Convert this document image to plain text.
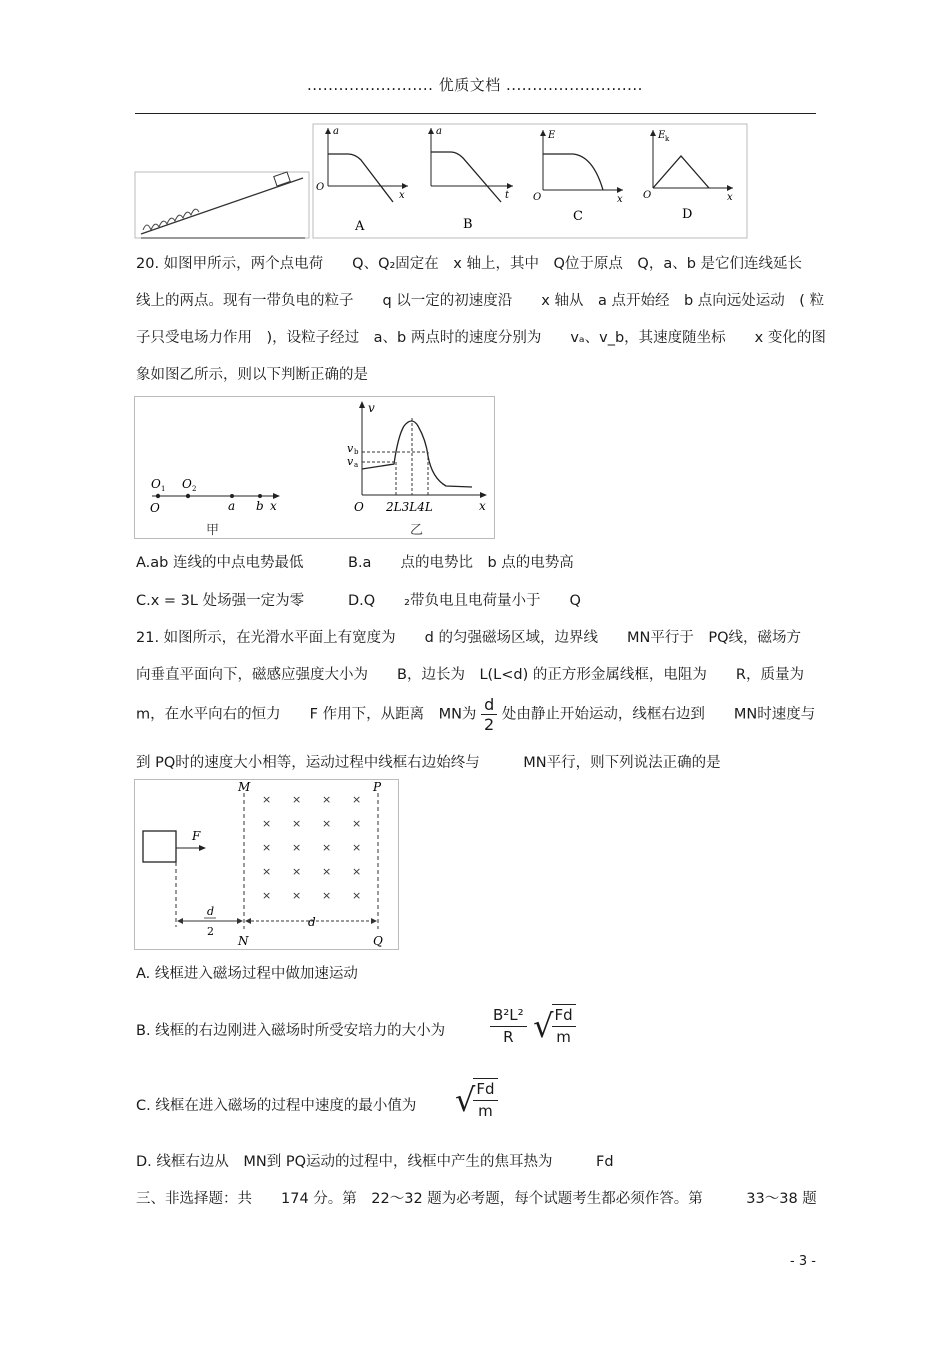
........................ 优质文档 ..........................
a
x
O
A
a
t
B
E
x
O
C
E k
x
O
D
20. 如图甲所示，两个点电荷　　Q、Q₂固定在　x 轴上，其中　Q位于原点　Q，a、b 是它们连线延长
线上的两点。现有一带负电的粒子　　q 以一定的初速度沿　　x 轴从　a 点开始经　b 点向远处运动　( 粒
子只受电场力作用　)，设粒子经过　a、b 两点时的速度分别为　　vₐ、v_b，其速度随坐标　　x 变化的图
象如图乙所示，则以下判断正确的是
O 1 O 2
O	a b x
甲
v
v b
v a
O 2L3L4L	x
乙
A.ab 连线的中点电势最低	B.a　　点的电势比　b 点的电势高
C.x = 3L 处场强一定为零	D.Q　　₂带负电且电荷量小于　　Q
21. 如图所示，在光滑水平面上有宽度为　　d 的匀强磁场区域，边界线　　MN平行于　PQ线，磁场方
向垂直平面向下，磁感应强度大小为　　B，边长为　L(L<d) 的正方形金属线框，电阻为　　R，质量为
m，在水平向右的恒力　　F 作用下，从距离　MN为 $\frac{d}{2}$ 处由静止开始运动，线框右边到　　MN时速度与
到 PQ时的速度大小相等，运动过程中线框右边始终与　　　MN平行，则下列说法正确的是
F
d
2
d
M	P
N	Q
× × × ×
× × × ×
× × × ×
× × × ×
× × × ×
A. 线框进入磁场过程中做加速运动
B. 线框的右边刚进入磁场时所受安培力的大小为	$\frac{\text{B²L²}}{R}$ √
$\frac{Fd}{m}$
C. 线框在进入磁场的过程中速度的最小值为 √
$\frac{Fd}{m}$
D. 线框右边从　MN到 PQ运动的过程中，线框中产生的焦耳热为　　　Fd
三、非选择题：共　　174 分。第　22～32 题为必考题，每个试题考生都必须作答。第　　　33～38 题
- 3 -
